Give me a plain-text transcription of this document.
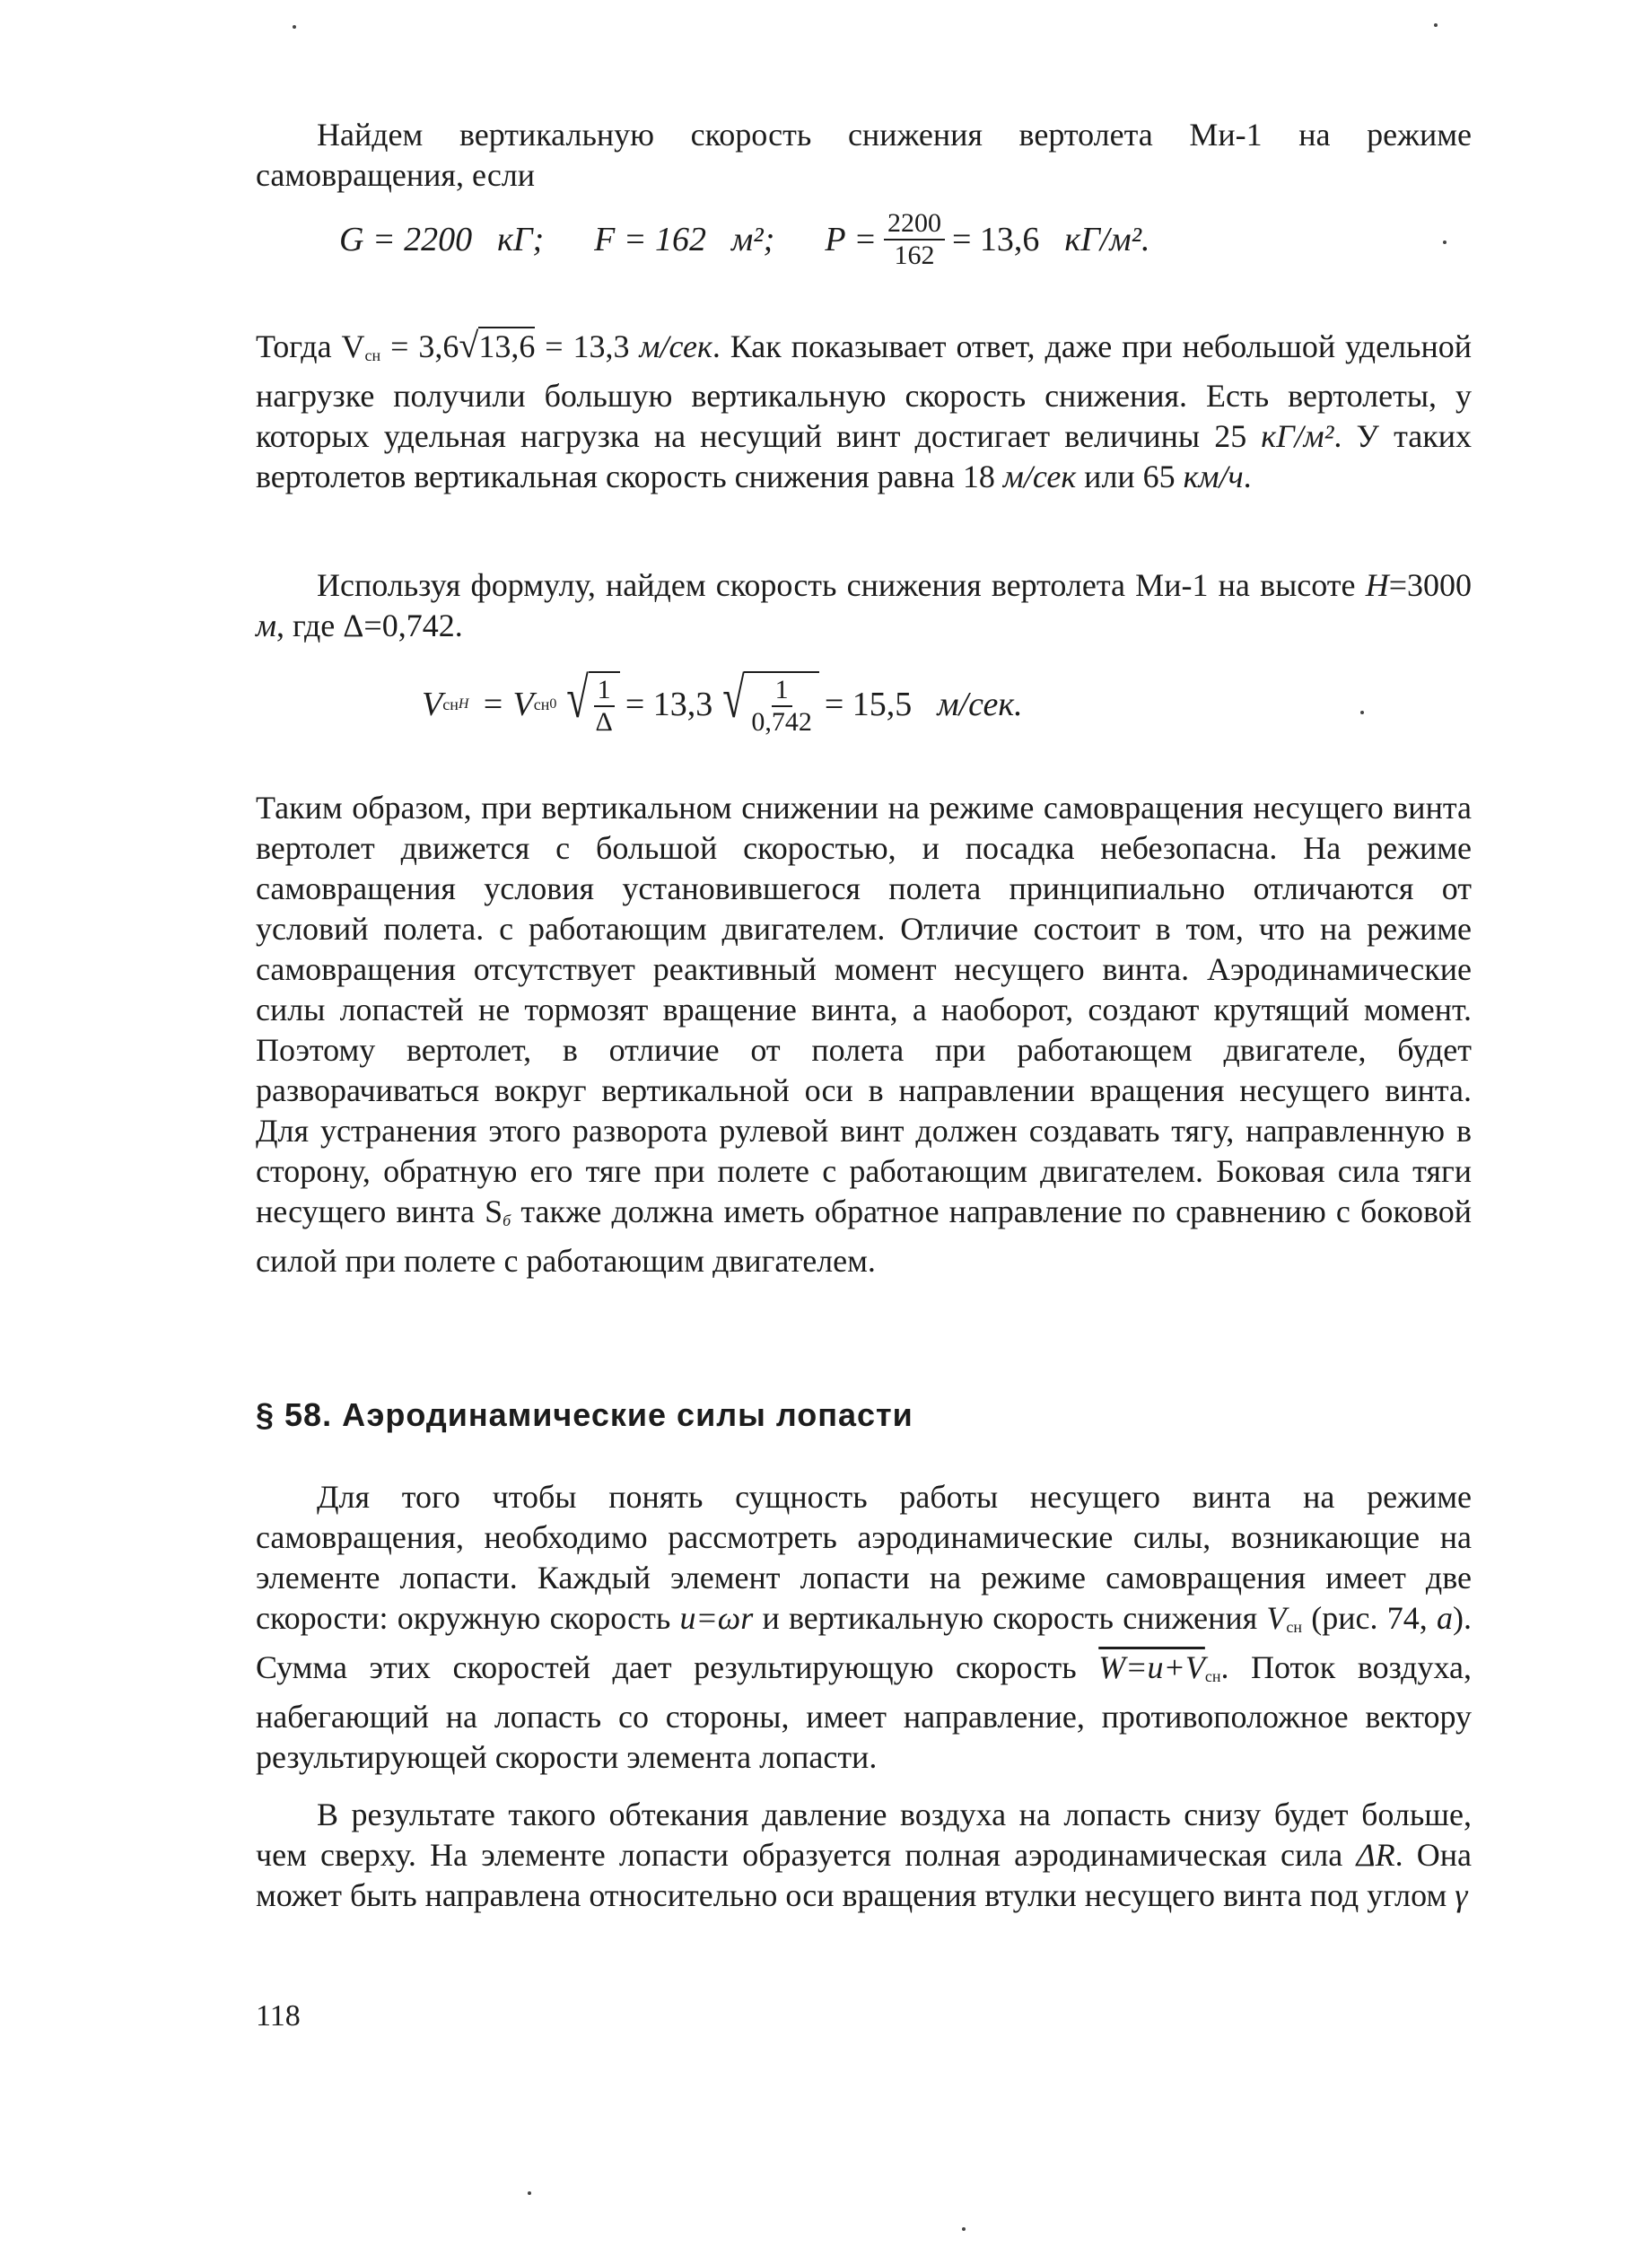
Найдем вертикальную скорость снижения вертолета Ми-1 на режиме самовращения, если

G = 2200 кГ; F = 162 м²; $P = \frac{2200}{162} = 13,6$ кГ/м².

Тогда Vсн = 3,6√13,6 = 13,3 м/сек. Как показывает ответ, даже при небольшой удельной нагрузке получили большую вертикальную скорость снижения. Есть вертолеты, у которых удельная нагрузка на несущий винт достигает величины 25 кГ/м². У таких вертолетов вертикальная скорость снижения равна 18 м/сек или 65 км/ч.

Используя формулу, найдем скорость снижения вертолета Ми-1 на высоте H=3000 м, где Δ=0,742.

V сн H = V сн 0 √ $\frac{1}{\Delta} = 13,3$ √ $\frac{1}{0,742} = 15,5$ м/сек.

Таким образом, при вертикальном снижении на режиме самовращения несущего винта вертолет движется с большой скоростью, и посадка небезопасна. На режиме самовращения условия установившегося полета принципиально отличаются от условий полета. с работающим двигателем. Отличие состоит в том, что на режиме самовращения отсутствует реактивный момент несущего винта. Аэродинамические силы лопастей не тормозят вращение винта, а наоборот, создают крутящий момент. Поэтому вертолет, в отличие от полета при работающем двигателе, будет разворачиваться вокруг вертикальной оси в направлении вращения несущего винта. Для устранения этого разворота рулевой винт должен создавать тягу, направленную в сторону, обратную его тяге при полете с работающим двигателем. Боковая сила тяги несущего винта Sб также должна иметь обратное направление по сравнению с боковой силой при полете с работающим двигателем.

§ 58. Аэродинамические силы лопасти

Для того чтобы понять сущность работы несущего винта на режиме самовращения, необходимо рассмотреть аэродинамические силы, возникающие на элементе лопасти. Каждый элемент лопасти на режиме самовращения имеет две скорости: окружную скорость u=ωr и вертикальную скорость снижения Vсн (рис. 74, a). Сумма этих скоростей дает результирующую скорость W=u+Vсн. Поток воздуха, набегающий на лопасть со стороны, имеет направление, противоположное вектору результирующей скорости элемента лопасти.

В результате такого обтекания давление воздуха на лопасть снизу будет больше, чем сверху. На элементе лопасти образуется полная аэродинамическая сила ΔR. Она может быть направлена относительно оси вращения втулки несущего винта под углом γ

118
